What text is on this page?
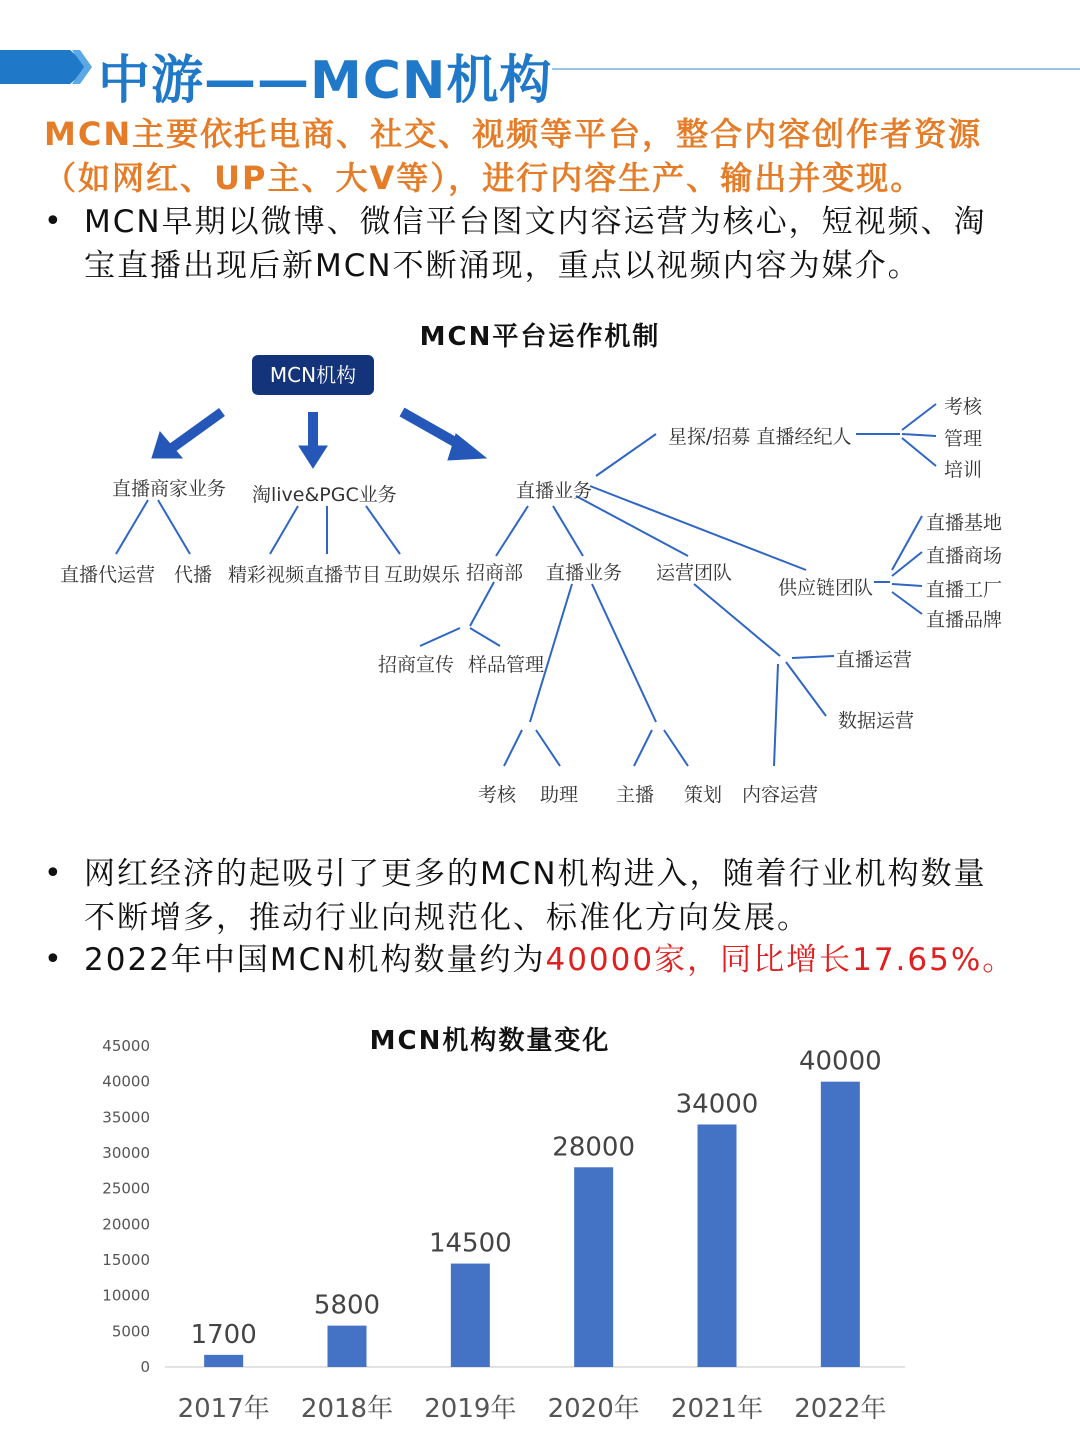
中游——MCN机构
MCN主要依托电商、社交、视频等平台，整合内容创作者资源
（如网红、UP主、大V等），进行内容生产、输出并变现。
• MCN早期以微博、微信平台图文内容运营为核心，短视频、淘
宝直播出现后新MCN不断涌现，重点以视频内容为媒介。
MCN平台运作机制
MCN机构
直播商家业务 淘live&PGC业务	直播业务
星探/招募 直播经纪人
考核
管理
培训
直播代运营 代播 精彩视频 直播节目 互助娱乐 招商部 直播业务 运营团队
供应链团队
直播基地
直播商场
直播工厂
直播品牌
招商宣传 样品管理	直播运营
数据运营
考核 助理 主播 策划 内容运营
• 网红经济的起吸引了更多的MCN机构进入，随着行业机构数量
不断增多，推动行业向规范化、标准化方向发展。
• 2022年中国MCN机构数量约为40000家，同比增长17.65%。
MCN机构数量变化
0
5000
10000
15000
20000
25000
30000
35000
40000
45000
1700
2017年
5800
2018年
14500
2019年
28000
2020年
34000
2021年
40000
2022年
